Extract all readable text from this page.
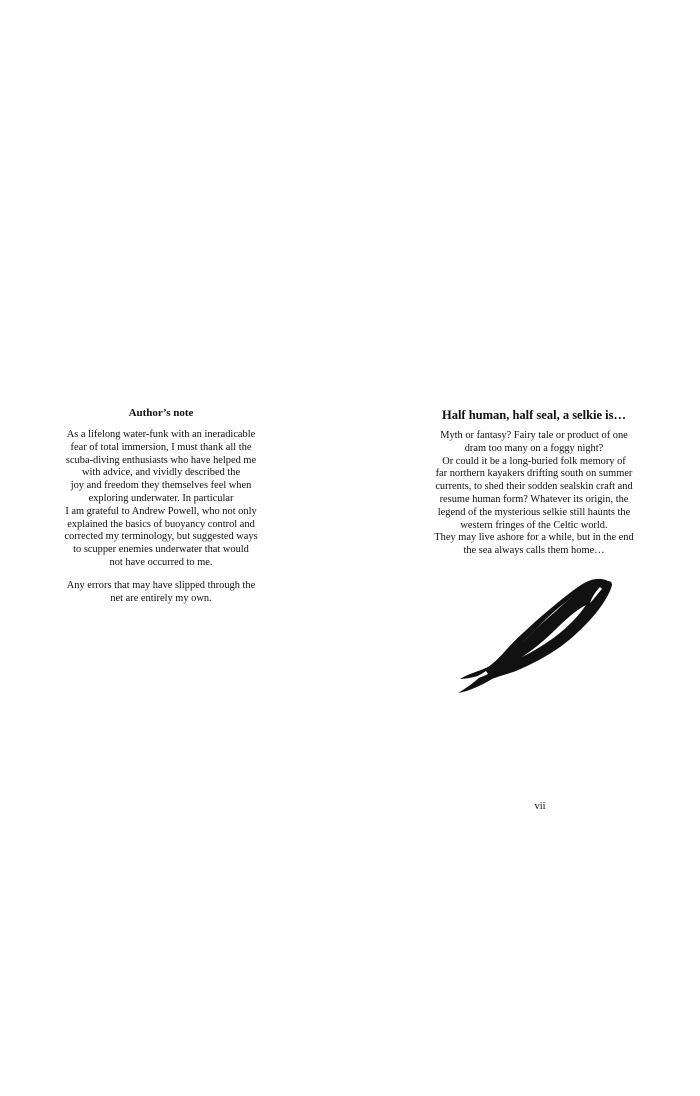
Author’s note
As a lifelong water-funk with an ineradicable
fear of total immersion, I must thank all the
scuba-diving enthusiasts who have helped me
with advice, and vividly described the
joy and freedom they themselves feel when
exploring underwater. In particular
I am grateful to Andrew Powell, who not only
explained the basics of buoyancy control and
corrected my terminology, but suggested ways
to scupper enemies underwater that would
not have occurred to me.
Any errors that may have slipped through the
net are entirely my own.
Half human, half seal, a selkie is…
Myth or fantasy? Fairy tale or product of one
dram too many on a foggy night?
Or could it be a long-buried folk memory of
far northern kayakers drifting south on summer
currents, to shed their sodden sealskin craft and
resume human form? Whatever its origin, the
legend of the mysterious selkie still haunts the
western fringes of the Celtic world.
They may live ashore for a while, but in the end
the sea always calls them home…
vii
